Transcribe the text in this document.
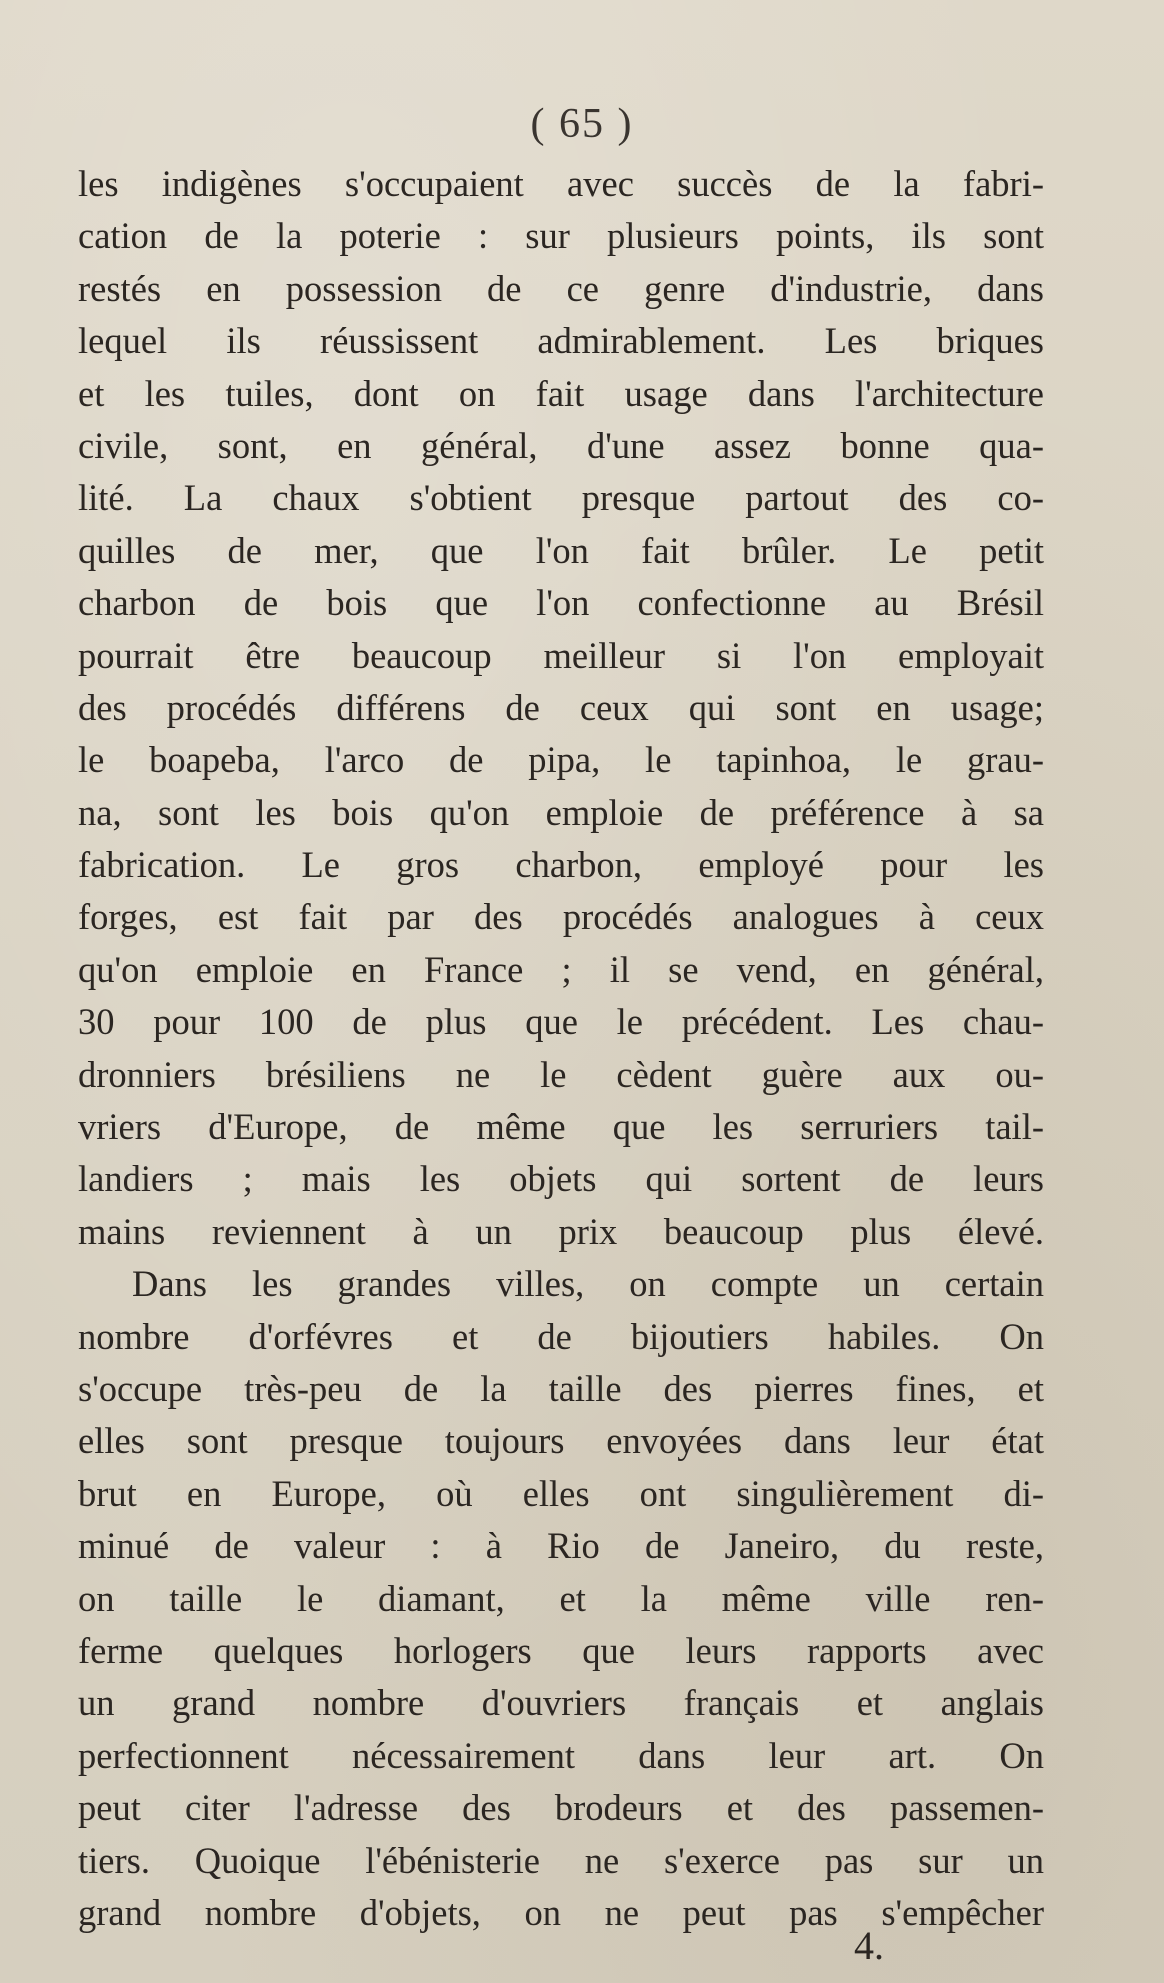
( 65 )
les indigènes s'occupaient avec succès de la fabri-
cation de la poterie : sur plusieurs points, ils sont
restés en possession de ce genre d'industrie, dans
lequel ils réussissent admirablement. Les briques
et les tuiles, dont on fait usage dans l'architecture
civile, sont, en général, d'une assez bonne qua-
lité. La chaux s'obtient presque partout des co-
quilles de mer, que l'on fait brûler. Le petit
charbon de bois que l'on confectionne au Brésil
pourrait être beaucoup meilleur si l'on employait
des procédés différens de ceux qui sont en usage;
le boapeba, l'arco de pipa, le tapinhoa, le grau-
na, sont les bois qu'on emploie de préférence à sa
fabrication. Le gros charbon, employé pour les
forges, est fait par des procédés analogues à ceux
qu'on emploie en France ; il se vend, en général,
30 pour 100 de plus que le précédent. Les chau-
dronniers brésiliens ne le cèdent guère aux ou-
vriers d'Europe, de même que les serruriers tail-
landiers ; mais les objets qui sortent de leurs
mains reviennent à un prix beaucoup plus élevé.
Dans les grandes villes, on compte un certain
nombre d'orfévres et de bijoutiers habiles. On
s'occupe très-peu de la taille des pierres fines, et
elles sont presque toujours envoyées dans leur état
brut en Europe, où elles ont singulièrement di-
minué de valeur : à Rio de Janeiro, du reste,
on taille le diamant, et la même ville ren-
ferme quelques horlogers que leurs rapports avec
un grand nombre d'ouvriers français et anglais
perfectionnent nécessairement dans leur art. On
peut citer l'adresse des brodeurs et des passemen-
tiers. Quoique l'ébénisterie ne s'exerce pas sur un
grand nombre d'objets, on ne peut pas s'empêcher
4.
